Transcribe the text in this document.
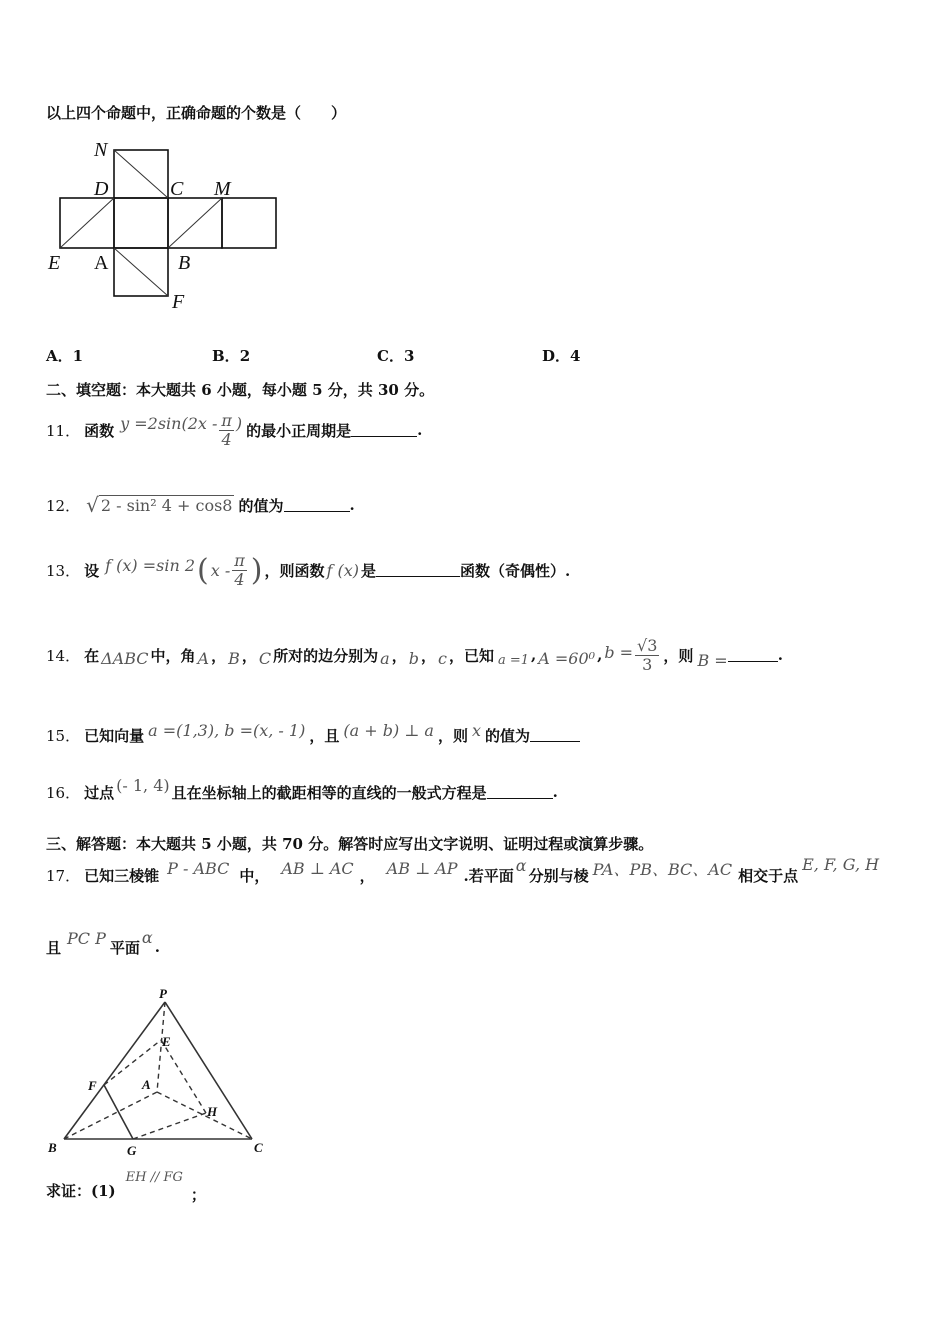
以上四个命题中，正确命题的个数是（　　）
N
D	C M
E A	B
F
A．1	B．2	C．3	D．4
二、填空题：本大题共 6 小题，每小题 5 分，共 30 分。
11． 函数 $y =2\sin(2x - \frac{\pi}{4}$ ) 的最小正周期是	.
12． √ 2 - sin² 4 + cos8 的值为	.
13． 设 f (x) =sin 2 ( x - $\frac{\pi}{4}$ ) ，则函数 f (x) 是	函数（奇偶性）.
14． 在 ΔABC 中，角 A ， B ， C 所对的边分别为 a ， b ， c ，已知 a =1 , A =60⁰ , $b = \frac{√3}{3}$ ，则 B =	.
15． 已知向量 a =(1,3), b =(x, - 1) ，且 (a + b) ⊥ a ，则 x 的值为
16． 过点 (- 1, 4) 且在坐标轴上的截距相等的直线的一般式方程是	.
三、解答题：本大题共 5 小题，共 70 分。解答时应写出文字说明、证明过程或演算步骤。
17． 已知三棱锥 P - ABC 中， AB ⊥ AC ， AB ⊥ AP .若平面
α
分别与棱 PA、PB、BC、AC 相交于点
E, F, G, H
且 PC P 平面
α
.
P
E
F	A
H
B	G	C
求证：(1)
EH // FG
；
